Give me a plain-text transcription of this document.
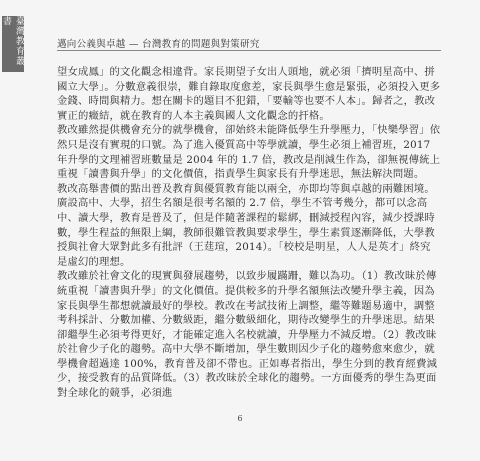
臺灣教育叢書
邁向公義與卓越 — 台灣教育的問題與對策研究

望女成鳳」的文化觀念相違背。家長期望子女出人頭地，就必須「擠明星高中、拼國立大學」。分數意義很崇，難自錄取度愈差，家長與學生愈是緊張，必須投入更多金錢、時間與精力。想在關卡的題目不犯錯，「要輸等也要不人本」。歸者之，教改實正的癥結，就在教育的人本主義與國人文化觀念的扞格。

教改雖然提供機會充分的就學機會，卻始終未能降低學生升學壓力，「快樂學習」依然只是沒有實現的口號。為了進入優質高中等學就讀，學生必須上補習班，2017 年升學的文理補習班數量是 2004 年的 1.7 倍，教改是削減生作為，卻無視傳統上重視「讀書與升學」的文化價值，指責學生與家長有升學迷思，無法解決問題。

教改高舉書價的點出普及教育與優質教育能以兩全，亦即均等與卓越的兩難困境。廣設高中、大學，招生名額是很考名額的 2.7 倍，學生不管考幾分，都可以念高中、讀大學，教育是普及了，但是伴隨著課程的鬆綁，刪減授程內容，減少授課時數，學生程益的無限上綱，教師很難管教與要求學生，學生素質逐漸降低，大學教授與社會大眾對此多有批評（王莛瑄，2014）。「校校是明星，人人是英才」終究是虛幻的理想。

教改雖於社會文化的現實與發展趨勢，以致步履蹣跚，難以為功。（1）教改昧於傳統重視「讀書與升學」的文化價值。提供較多的升學名額無法改變升學主義，因為家長與學生都想就讀最好的學校。教改在考試技術上調整，繼等難題易適中，調整考科採計、分數加權、分數級距，繼分數級細化，期待改變學生的升學迷思。結果卻繼學生必須考得更好，才能確定進入名校就讀，升學壓力不減反增。（2）教改昧於社會少子化的趨勢。高中大學不斷增加，學生數則因少子化的趨勢愈來愈少，就學機會超過達 100%，教育普及卻不帶也。正如專者指出，學生分到的教育經費減少，接受教育的品質降低。（3）教改昧於全球化的趨勢。一方面優秀的學生為更面對全球化的競爭，必須進

6
